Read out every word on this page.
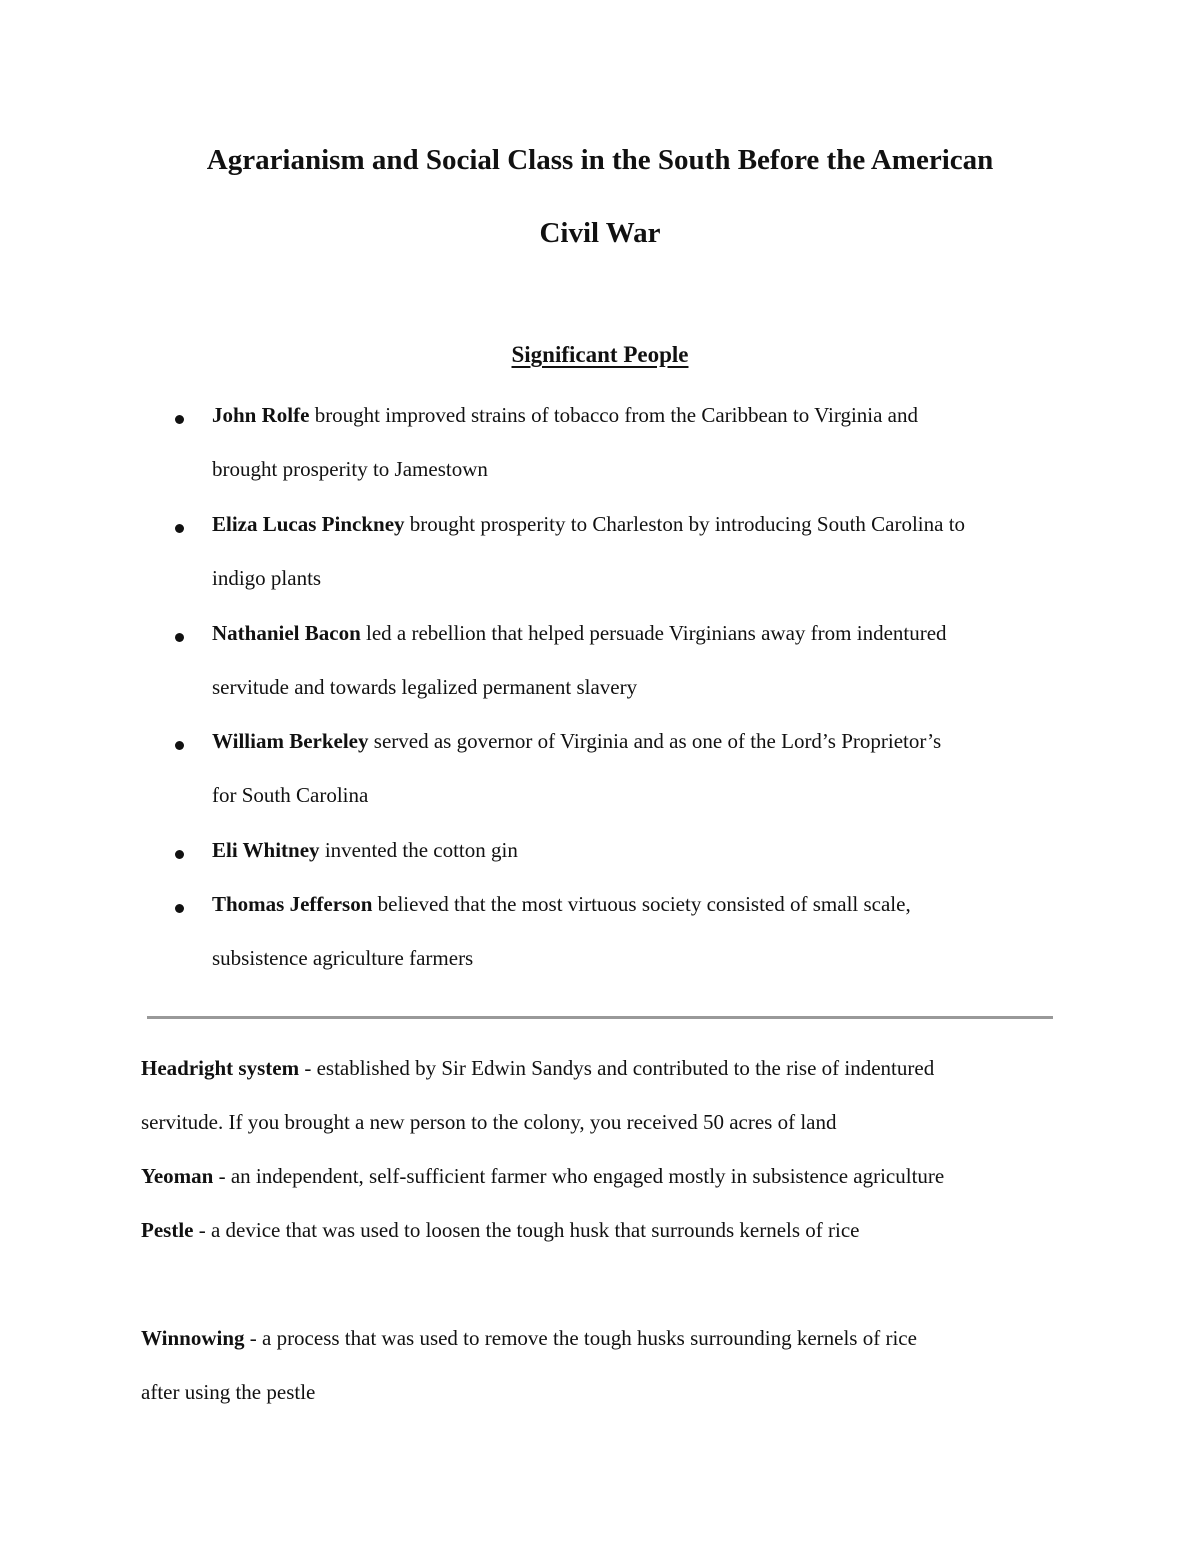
Agrarianism and Social Class in the South Before the American
Civil War
Significant People
John Rolfe brought improved strains of tobacco from the Caribbean to Virginia and
brought prosperity to Jamestown
Eliza Lucas Pinckney brought prosperity to Charleston by introducing South Carolina to
indigo plants
Nathaniel Bacon led a rebellion that helped persuade Virginians away from indentured
servitude and towards legalized permanent slavery
William Berkeley served as governor of Virginia and as one of the Lord’s Proprietor’s
for South Carolina
Eli Whitney invented the cotton gin
Thomas Jefferson believed that the most virtuous society consisted of small scale,
subsistence agriculture farmers

Headright system - established by Sir Edwin Sandys and contributed to the rise of indentured
servitude. If you brought a new person to the colony, you received 50 acres of land

Yeoman - an independent, self-sufficient farmer who engaged mostly in subsistence agriculture

Pestle - a device that was used to loosen the tough husk that surrounds kernels of rice

Winnowing - a process that was used to remove the tough husks surrounding kernels of rice
after using the pestle
